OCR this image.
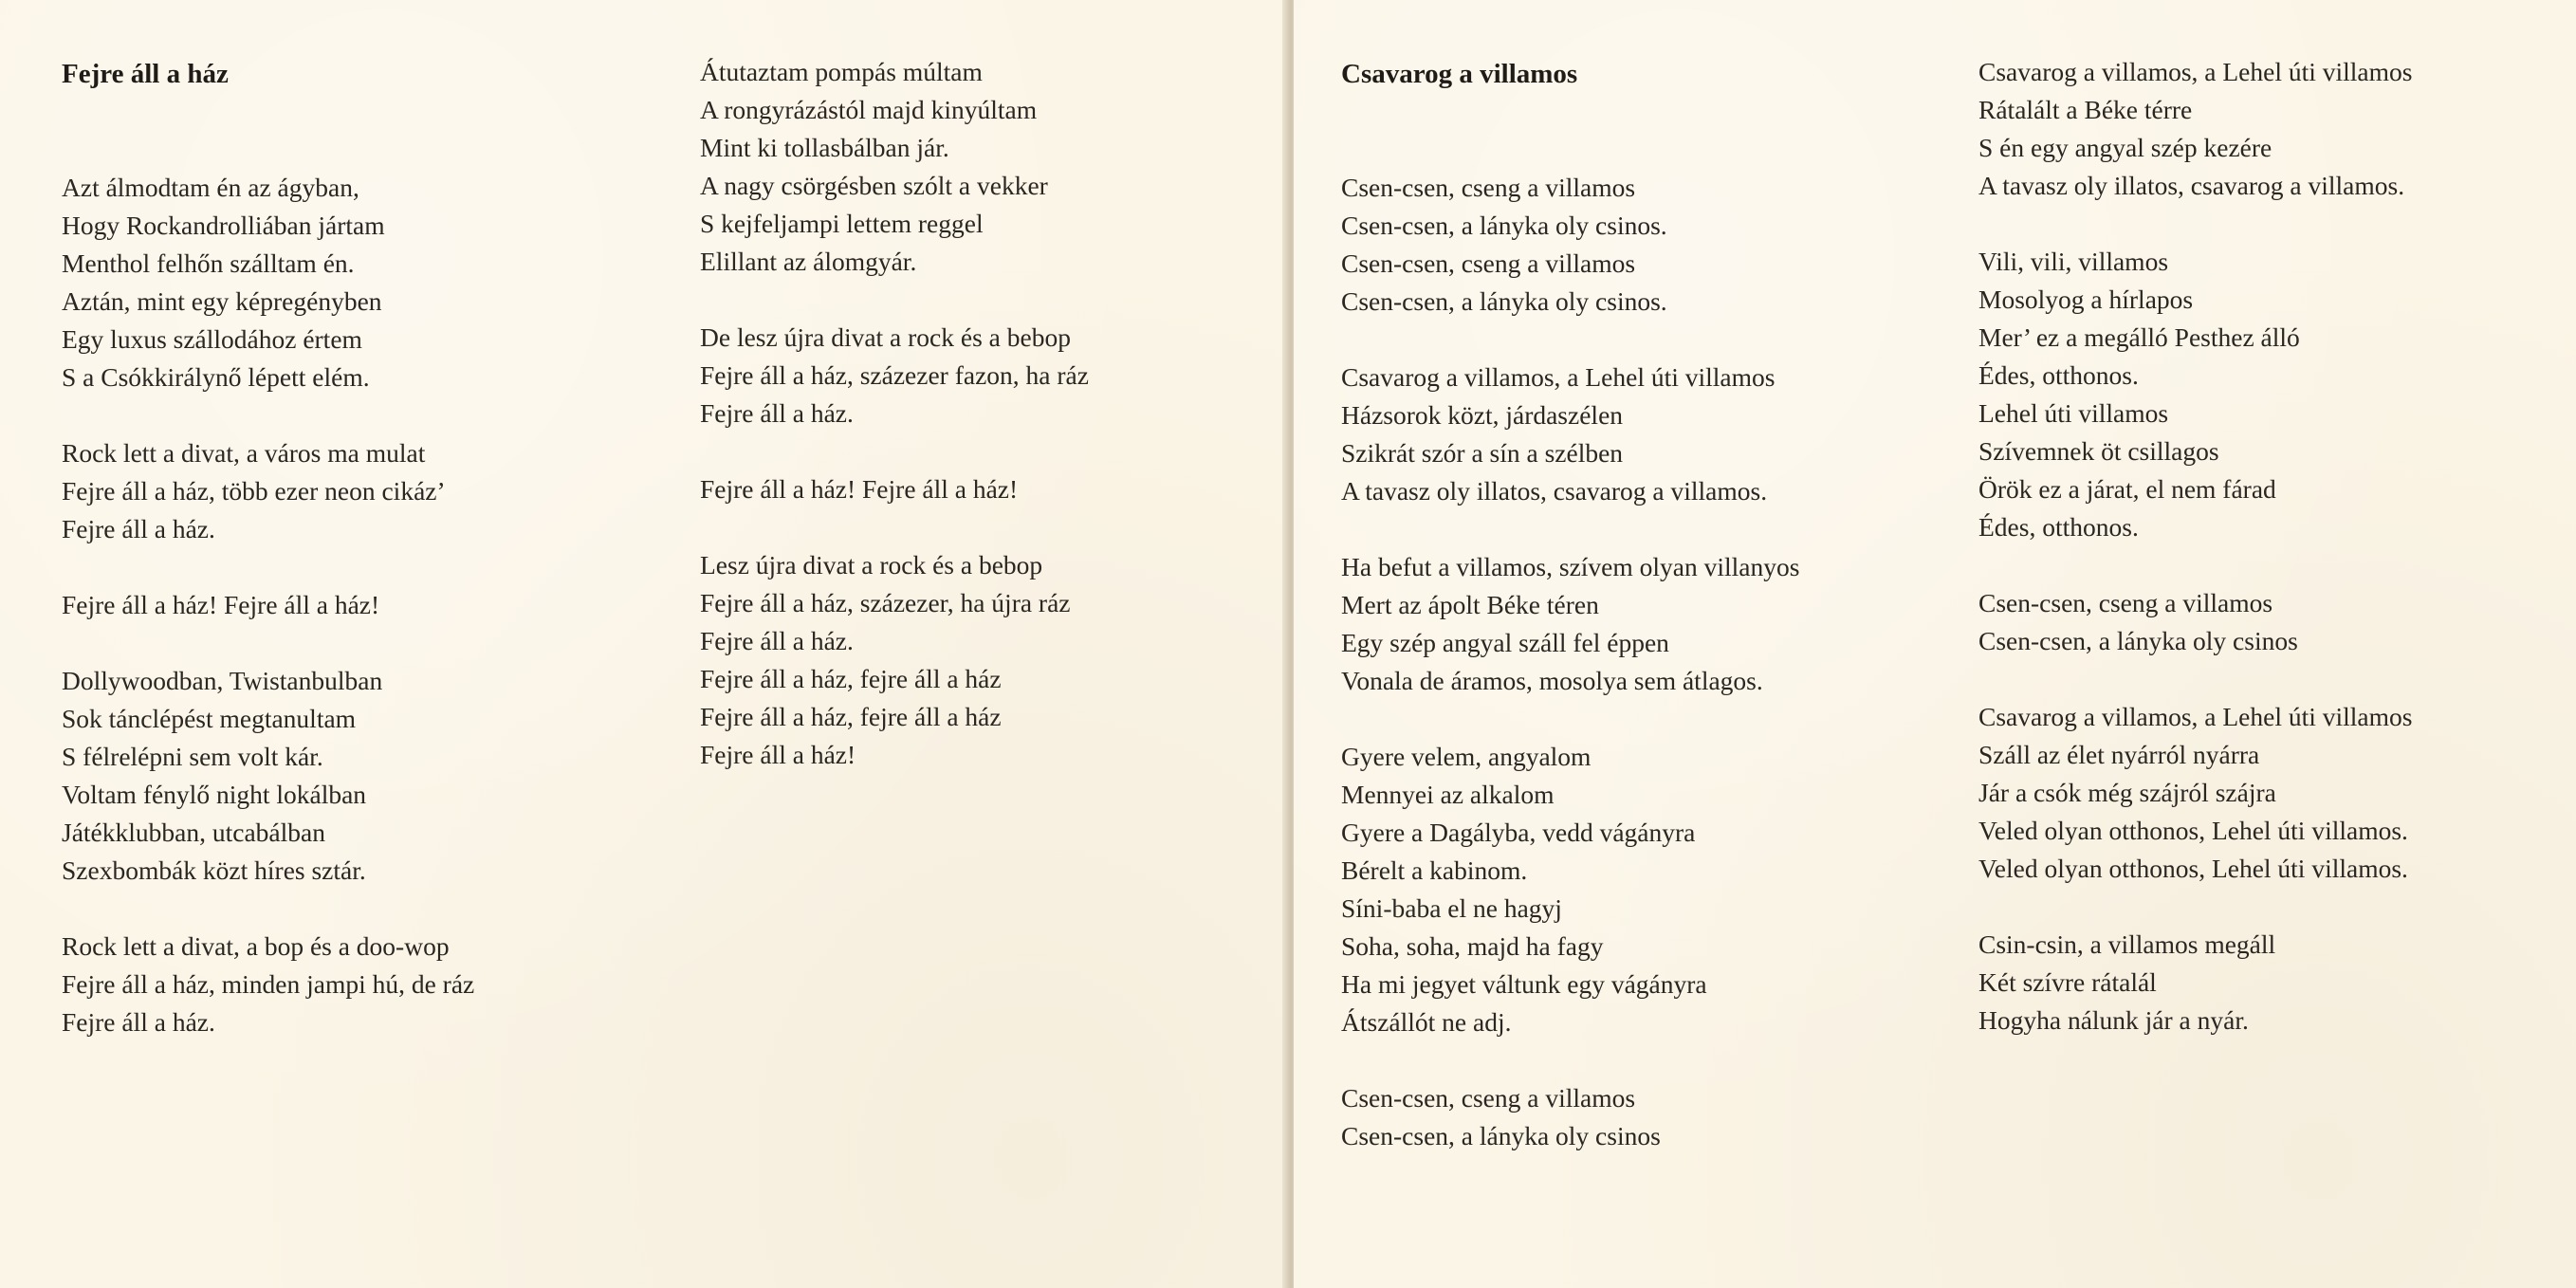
Fejre áll a ház
Azt álmodtam én az ágyban,
Hogy Rockandrolliában jártam
Menthol felhőn szálltam én.
Aztán, mint egy képregényben
Egy luxus szállodához értem
S a Csókkirálynő lépett elém.
Rock lett a divat, a város ma mulat
Fejre áll a ház, több ezer neon cikáz’
Fejre áll a ház.
Fejre áll a ház! Fejre áll a ház!
Dollywoodban, Twistanbulban
Sok tánclépést megtanultam
S félrelépni sem volt kár.
Voltam fénylő night lokálban
Játékklubban, utcabálban
Szexbombák közt híres sztár.
Rock lett a divat, a bop és a doo-wop
Fejre áll a ház, minden jampi hú, de ráz
Fejre áll a ház.
Átutaztam pompás múltam
A rongyrázástól majd kinyúltam
Mint ki tollasbálban jár.
A nagy csörgésben szólt a vekker
S kejfeljampi lettem reggel
Elillant az álomgyár.
De lesz újra divat a rock és a bebop
Fejre áll a ház, százezer fazon, ha ráz
Fejre áll a ház.
Fejre áll a ház! Fejre áll a ház!
Lesz újra divat a rock és a bebop
Fejre áll a ház, százezer, ha újra ráz
Fejre áll a ház.
Fejre áll a ház, fejre áll a ház
Fejre áll a ház, fejre áll a ház
Fejre áll a ház!
Csavarog a villamos
Csen-csen, cseng a villamos
Csen-csen, a lányka oly csinos.
Csen-csen, cseng a villamos
Csen-csen, a lányka oly csinos.
Csavarog a villamos, a Lehel úti villamos
Házsorok közt, járdaszélen
Szikrát szór a sín a szélben
A tavasz oly illatos, csavarog a villamos.
Ha befut a villamos, szívem olyan villanyos
Mert az ápolt Béke téren
Egy szép angyal száll fel éppen
Vonala de áramos, mosolya sem átlagos.
Gyere velem, angyalom
Mennyei az alkalom
Gyere a Dagályba, vedd vágányra
Bérelt a kabinom.
Síni-baba el ne hagyj
Soha, soha, majd ha fagy
Ha mi jegyet váltunk egy vágányra
Átszállót ne adj.
Csen-csen, cseng a villamos
Csen-csen, a lányka oly csinos
Csavarog a villamos, a Lehel úti villamos
Rátalált a Béke térre
S én egy angyal szép kezére
A tavasz oly illatos, csavarog a villamos.
Vili, vili, villamos
Mosolyog a hírlapos
Mer’ ez a megálló Pesthez álló
Édes, otthonos.
Lehel úti villamos
Szívemnek öt csillagos
Örök ez a járat, el nem fárad
Édes, otthonos.
Csen-csen, cseng a villamos
Csen-csen, a lányka oly csinos
Csavarog a villamos, a Lehel úti villamos
Száll az élet nyárról nyárra
Jár a csók még szájról szájra
Veled olyan otthonos, Lehel úti villamos.
Veled olyan otthonos, Lehel úti villamos.
Csin-csin, a villamos megáll
Két szívre rátalál
Hogyha nálunk jár a nyár.
